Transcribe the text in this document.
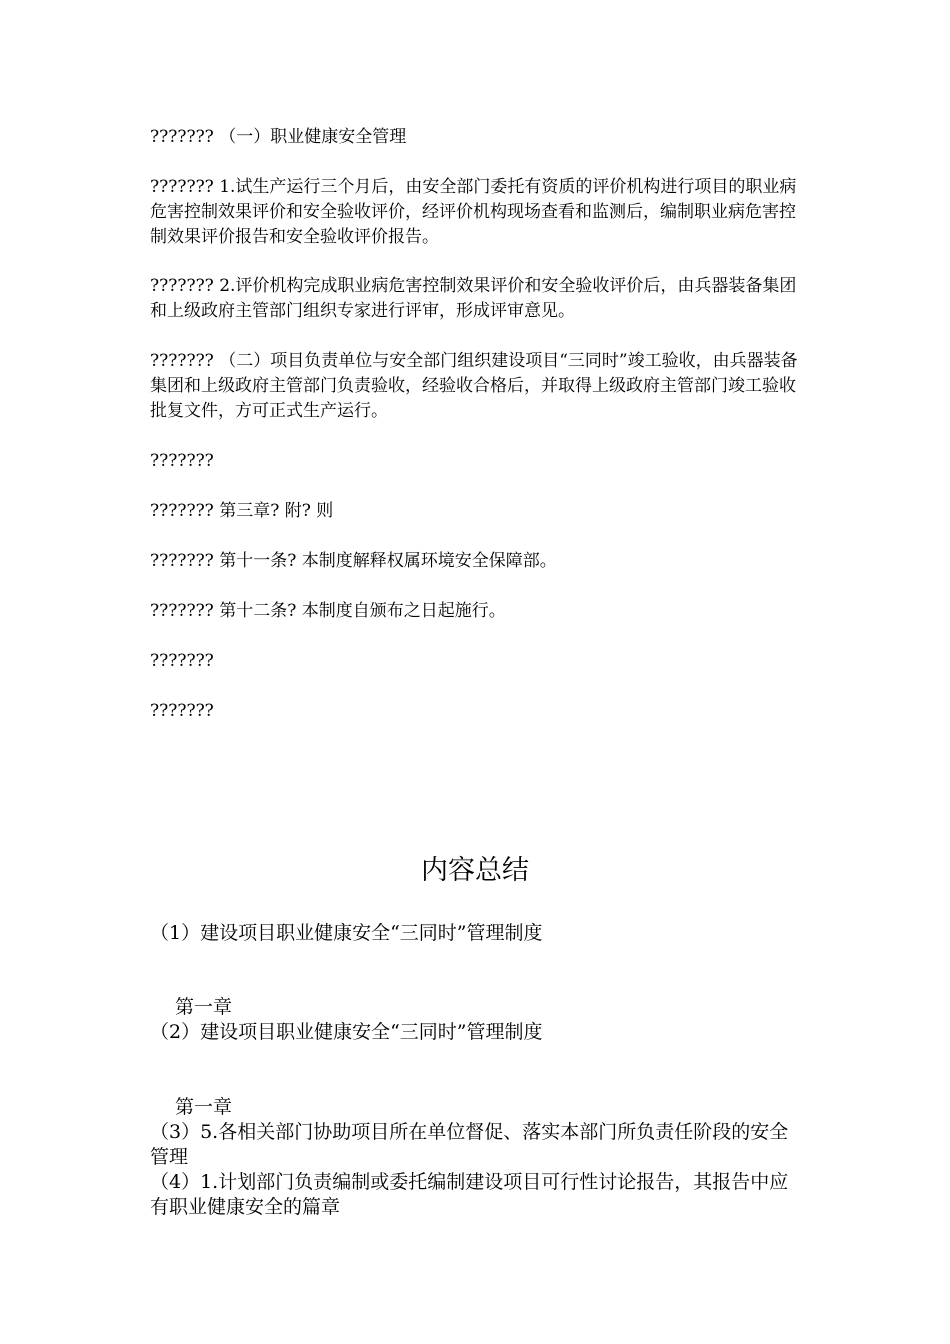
??????? （一）职业健康安全管理

??????? 1.试生产运行三个月后，由安全部门委托有资质的评价机构进行项目的职业病危害控制效果评价和安全验收评价，经评价机构现场查看和监测后，编制职业病危害控制效果评价报告和安全验收评价报告。

??????? 2.评价机构完成职业病危害控制效果评价和安全验收评价后，由兵器装备集团和上级政府主管部门组织专家进行评审，形成评审意见。

??????? （二）项目负责单位与安全部门组织建设项目“三同时”竣工验收，由兵器装备集团和上级政府主管部门负责验收，经验收合格后，并取得上级政府主管部门竣工验收批复文件，方可正式生产运行。

???????

??????? 第三章? 附? 则

??????? 第十一条? 本制度解释权属环境安全保障部。

??????? 第十二条? 本制度自颁布之日起施行。

???????

???????

内容总结

（1）建设项目职业健康安全“三同时”管理制度

第一章

（2）建设项目职业健康安全“三同时”管理制度

第一章

（3）5.各相关部门协助项目所在单位督促、落实本部门所负责任阶段的安全管理

（4）1.计划部门负责编制或委托编制建设项目可行性讨论报告，其报告中应有职业健康安全的篇章
